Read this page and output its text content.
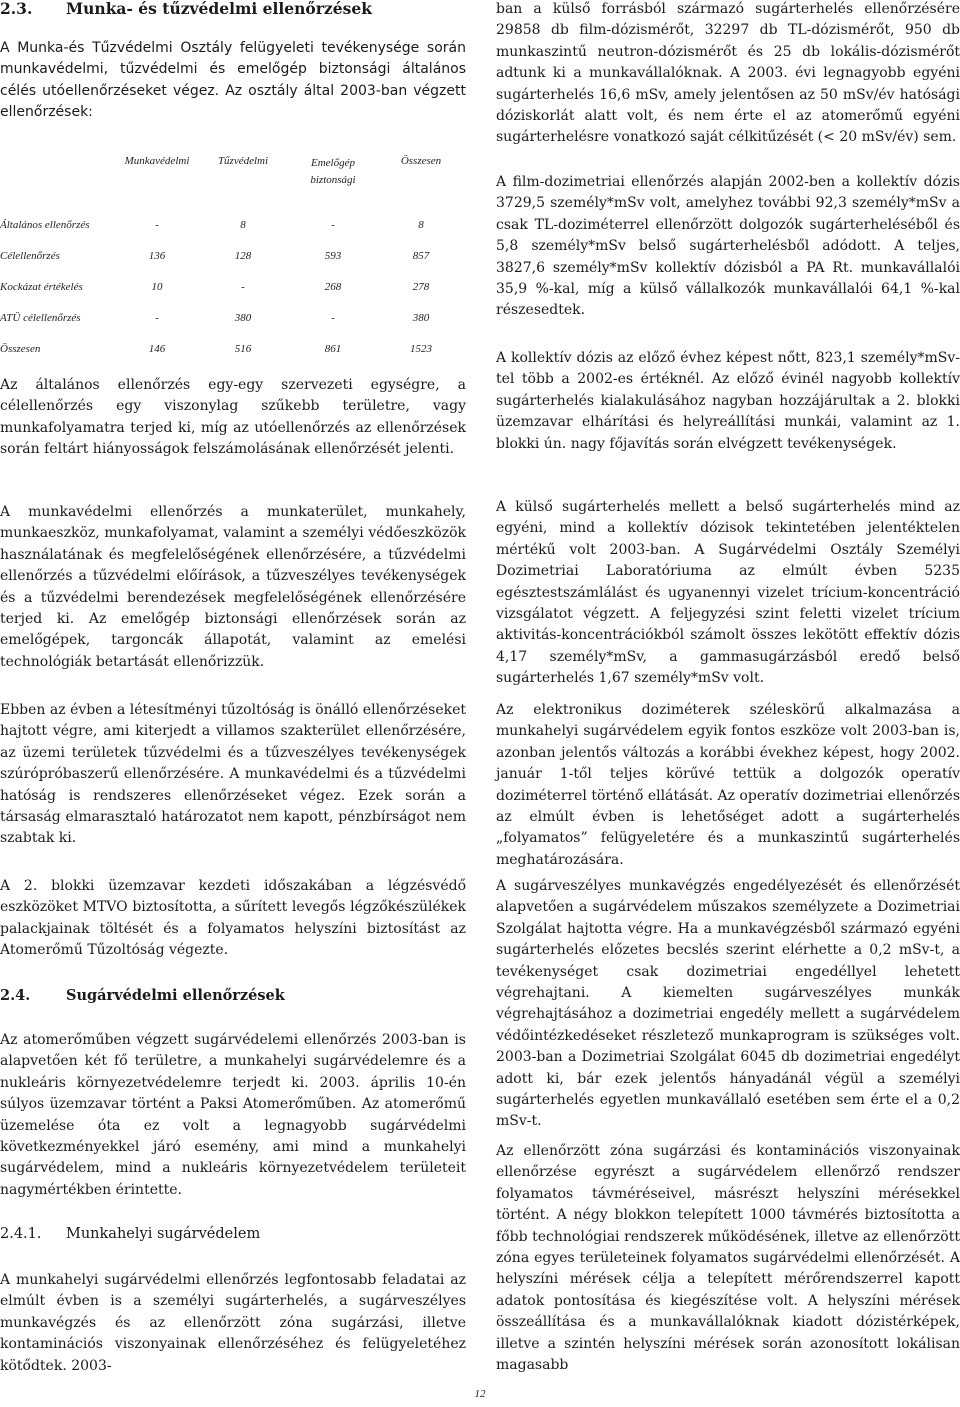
2.3. Munka- és tűzvédelmi ellenőrzések

A Munka-és Tűzvédelmi Osztály felügyeleti tevékenysége során munkavédelmi, tűzvédelmi és emelőgép biztonsági általános célés utóellenőrzéseket végez. Az osztály által 2003-ban végzett ellenőrzések:

	Munkavédelmi	Tűzvédelmi	Emelőgép biztonsági	Összesen
Általános ellenőrzés	-	8	-	8
Célellenőrzés	136	128	593	857
Kockázat értékelés	10	-	268	278
ATÜ célellenőrzés	-	380	-	380
Összesen	146	516	861	1523

Az általános ellenőrzés egy-egy szervezeti egységre, a célellenőrzés egy viszonylag szűkebb területre, vagy munkafolyamatra terjed ki, míg az utóellenőrzés az ellenőrzések során feltárt hiányosságok felszámolásának ellenőrzését jelenti.

A munkavédelmi ellenőrzés a munkaterület, munkahely, munkaeszköz, munkafolyamat, valamint a személyi védőeszközök használatának és megfelelőségének ellenőrzésére, a tűzvédelmi ellenőrzés a tűzvédelmi előírások, a tűzveszélyes tevékenységek és a tűzvédelmi berendezések megfelelőségének ellenőrzésére terjed ki. Az emelőgép biztonsági ellenőrzések során az emelőgépek, targoncák állapotát, valamint az emelési technológiák betartását ellenőrizzük.

Ebben az évben a létesítményi tűzoltóság is önálló ellenőrzéseket hajtott végre, ami kiterjedt a villamos szakterület ellenőrzésére, az üzemi területek tűzvédelmi és a tűzveszélyes tevékenységek szúrópróbaszerű ellenőrzésére. A munkavédelmi és a tűzvédelmi hatóság is rendszeres ellenőrzéseket végez. Ezek során a társaság elmarasztaló határozatot nem kapott, pénzbírságot nem szabtak ki.

A 2. blokki üzemzavar kezdeti időszakában a légzésvédő eszközöket MTVO biztosította, a sűrített levegős légzőkészülékek palackjainak töltését és a folyamatos helyszíni biztosítást az Atomerőmű Tűzoltóság végezte.

2.4. Sugárvédelmi ellenőrzések

Az atomerőműben végzett sugárvédelemi ellenőrzés 2003-ban is alapvetően két fő területre, a munkahelyi sugárvédelemre és a nukleáris környezetvédelemre terjedt ki. 2003. április 10-én súlyos üzemzavar történt a Paksi Atomerőműben. Az atomerőmű üzemelése óta ez volt a legnagyobb sugárvédelmi következményekkel járó esemény, ami mind a munkahelyi sugárvédelem, mind a nukleáris környezetvédelem területeit nagymértékben érintette.

2.4.1. Munkahelyi sugárvédelem

A munkahelyi sugárvédelmi ellenőrzés legfontosabb feladatai az elmúlt évben is a személyi sugárterhelés, a sugárveszélyes munkavégzés és az ellenőrzött zóna sugárzási, illetve kontaminációs viszonyainak ellenőrzéséhez és felügyeletéhez kötődtek. 2003-

ban a külső forrásból származó sugárterhelés ellenőrzésére 29858 db film-dózismérőt, 32297 db TL-dózismérőt, 950 db munkaszintű neutron-dózismérőt és 25 db lokális-dózismérőt adtunk ki a munkavállalóknak. A 2003. évi legnagyobb egyéni sugárterhelés 16,6 mSv, amely jelentősen az 50 mSv/év hatósági dóziskorlát alatt volt, és nem érte el az atomerőmű egyéni sugárterhelésre vonatkozó saját célkitűzését (< 20 mSv/év) sem.

A film-dozimetriai ellenőrzés alapján 2002-ben a kollektív dózis 3729,5 személy*mSv volt, amelyhez további 92,3 személy*mSv a csak TL-doziméterrel ellenőrzött dolgozók sugárterheléséből és 5,8 személy*mSv belső sugárterhelésből adódott. A teljes, 3827,6 személy*mSv kollektív dózisból a PA Rt. munkavállalói 35,9 %-kal, míg a külső vállalkozók munkavállalói 64,1 %-kal részesedtek.

A kollektív dózis az előző évhez képest nőtt, 823,1 személy*mSv-tel több a 2002-es értéknél. Az előző évinél nagyobb kollektív sugárterhelés kialakulásához nagyban hozzájárultak a 2. blokki üzemzavar elhárítási és helyreállítási munkái, valamint az 1. blokki ún. nagy főjavítás során elvégzett tevékenységek.

A külső sugárterhelés mellett a belső sugárterhelés mind az egyéni, mind a kollektív dózisok tekintetében jelentéktelen mértékű volt 2003-ban. A Sugárvédelmi Osztály Személyi Dozimetriai Laboratóriuma az elmúlt évben 5235 egésztestszámlálást és ugyanennyi vizelet trícium-koncentráció vizsgálatot végzett. A feljegyzési szint feletti vizelet trícium aktivitás-koncentrációkból számolt összes lekötött effektív dózis 4,17 személy*mSv, a gammasugárzásból eredő belső sugárterhelés 1,67 személy*mSv volt.

Az elektronikus doziméterek széleskörű alkalmazása a munkahelyi sugárvédelem egyik fontos eszköze volt 2003-ban is, azonban jelentős változás a korábbi évekhez képest, hogy 2002. január 1-től teljes körűvé tettük a dolgozók operatív doziméterrel történő ellátását. Az operatív dozimetriai ellenőrzés az elmúlt évben is lehetőséget adott a sugárterhelés „folyamatos” felügyeletére és a munkaszintű sugárterhelés meghatározására.

A sugárveszélyes munkavégzés engedélyezését és ellenőrzését alapvetően a sugárvédelem műszakos személyzete a Dozimetriai Szolgálat hajtotta végre. Ha a munkavégzésből származó egyéni sugárterhelés előzetes becslés szerint elérhette a 0,2 mSv-t, a tevékenységet csak dozimetriai engedéllyel lehetett végrehajtani. A kiemelten sugárveszélyes munkák végrehajtásához a dozimetriai engedély mellett a sugárvédelem védőintézkedéseket részletező munkaprogram is szükséges volt. 2003-ban a Dozimetriai Szolgálat 6045 db dozimetriai engedélyt adott ki, bár ezek jelentős hányadánál végül a személyi sugárterhelés egyetlen munkavállaló esetében sem érte el a 0,2 mSv-t.

Az ellenőrzött zóna sugárzási és kontaminációs viszonyainak ellenőrzése egyrészt a sugárvédelem ellenőrző rendszer folyamatos távméréseivel, másrészt helyszíni mérésekkel történt. A négy blokkon telepített 1000 távmérés biztosította a főbb technológiai rendszerek működésének, illetve az ellenőrzött zóna egyes területeinek folyamatos sugárvédelmi ellenőrzését. A helyszíni mérések célja a telepített mérőrendszerrel kapott adatok pontosítása és kiegészítése volt. A helyszíni mérések összeállítása és a munkavállalóknak kiadott dózistérképek, illetve a szintén helyszíni mérések során azonosított lokálisan magasabb

12
